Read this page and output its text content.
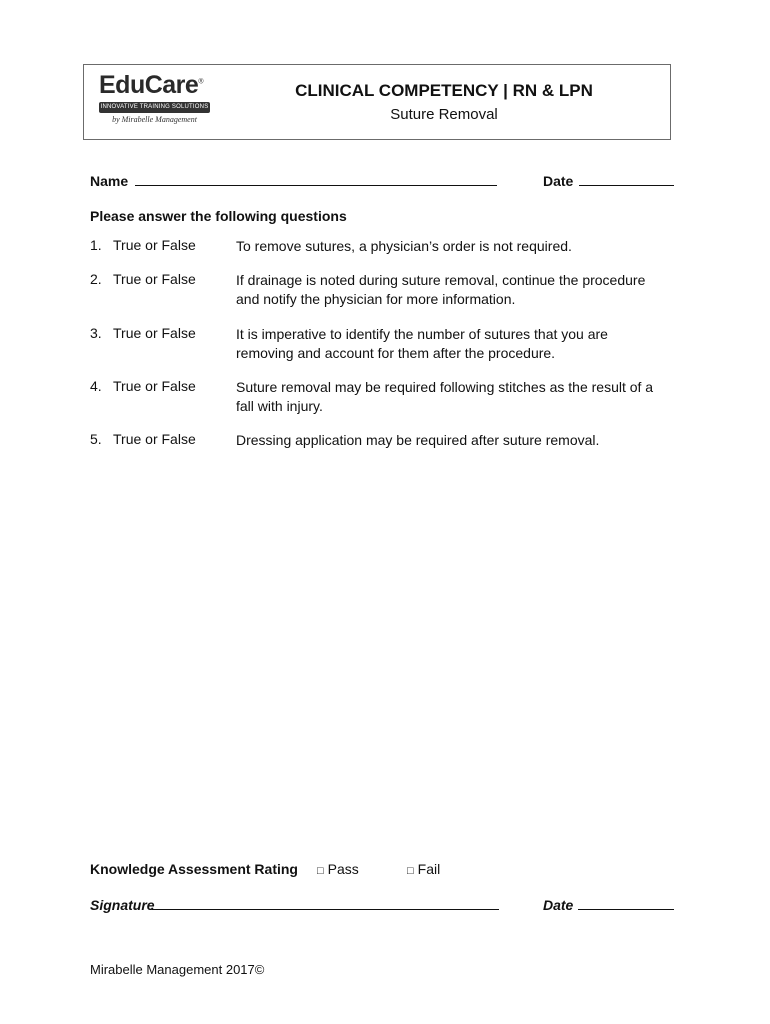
EduCare®
INNOVATIVE TRAINING SOLUTIONS
by Mirabelle Management
CLINICAL COMPETENCY | RN & LPN
Suture Removal
Name	Date
Please answer the following questions
1. True or False	To remove sutures, a physician’s order is not required.
2. True or False	If drainage is noted during suture removal, continue the procedure and notify the physician for more information.
3. True or False	It is imperative to identify the number of sutures that you are removing and account for them after the procedure.
4. True or False	Suture removal may be required following stitches as the result of a fall with injury.
5. True or False	Dressing application may be required after suture removal.
Knowledge Assessment Rating □ Pass	□ Fail
Signature	Date
Mirabelle Management 2017©
